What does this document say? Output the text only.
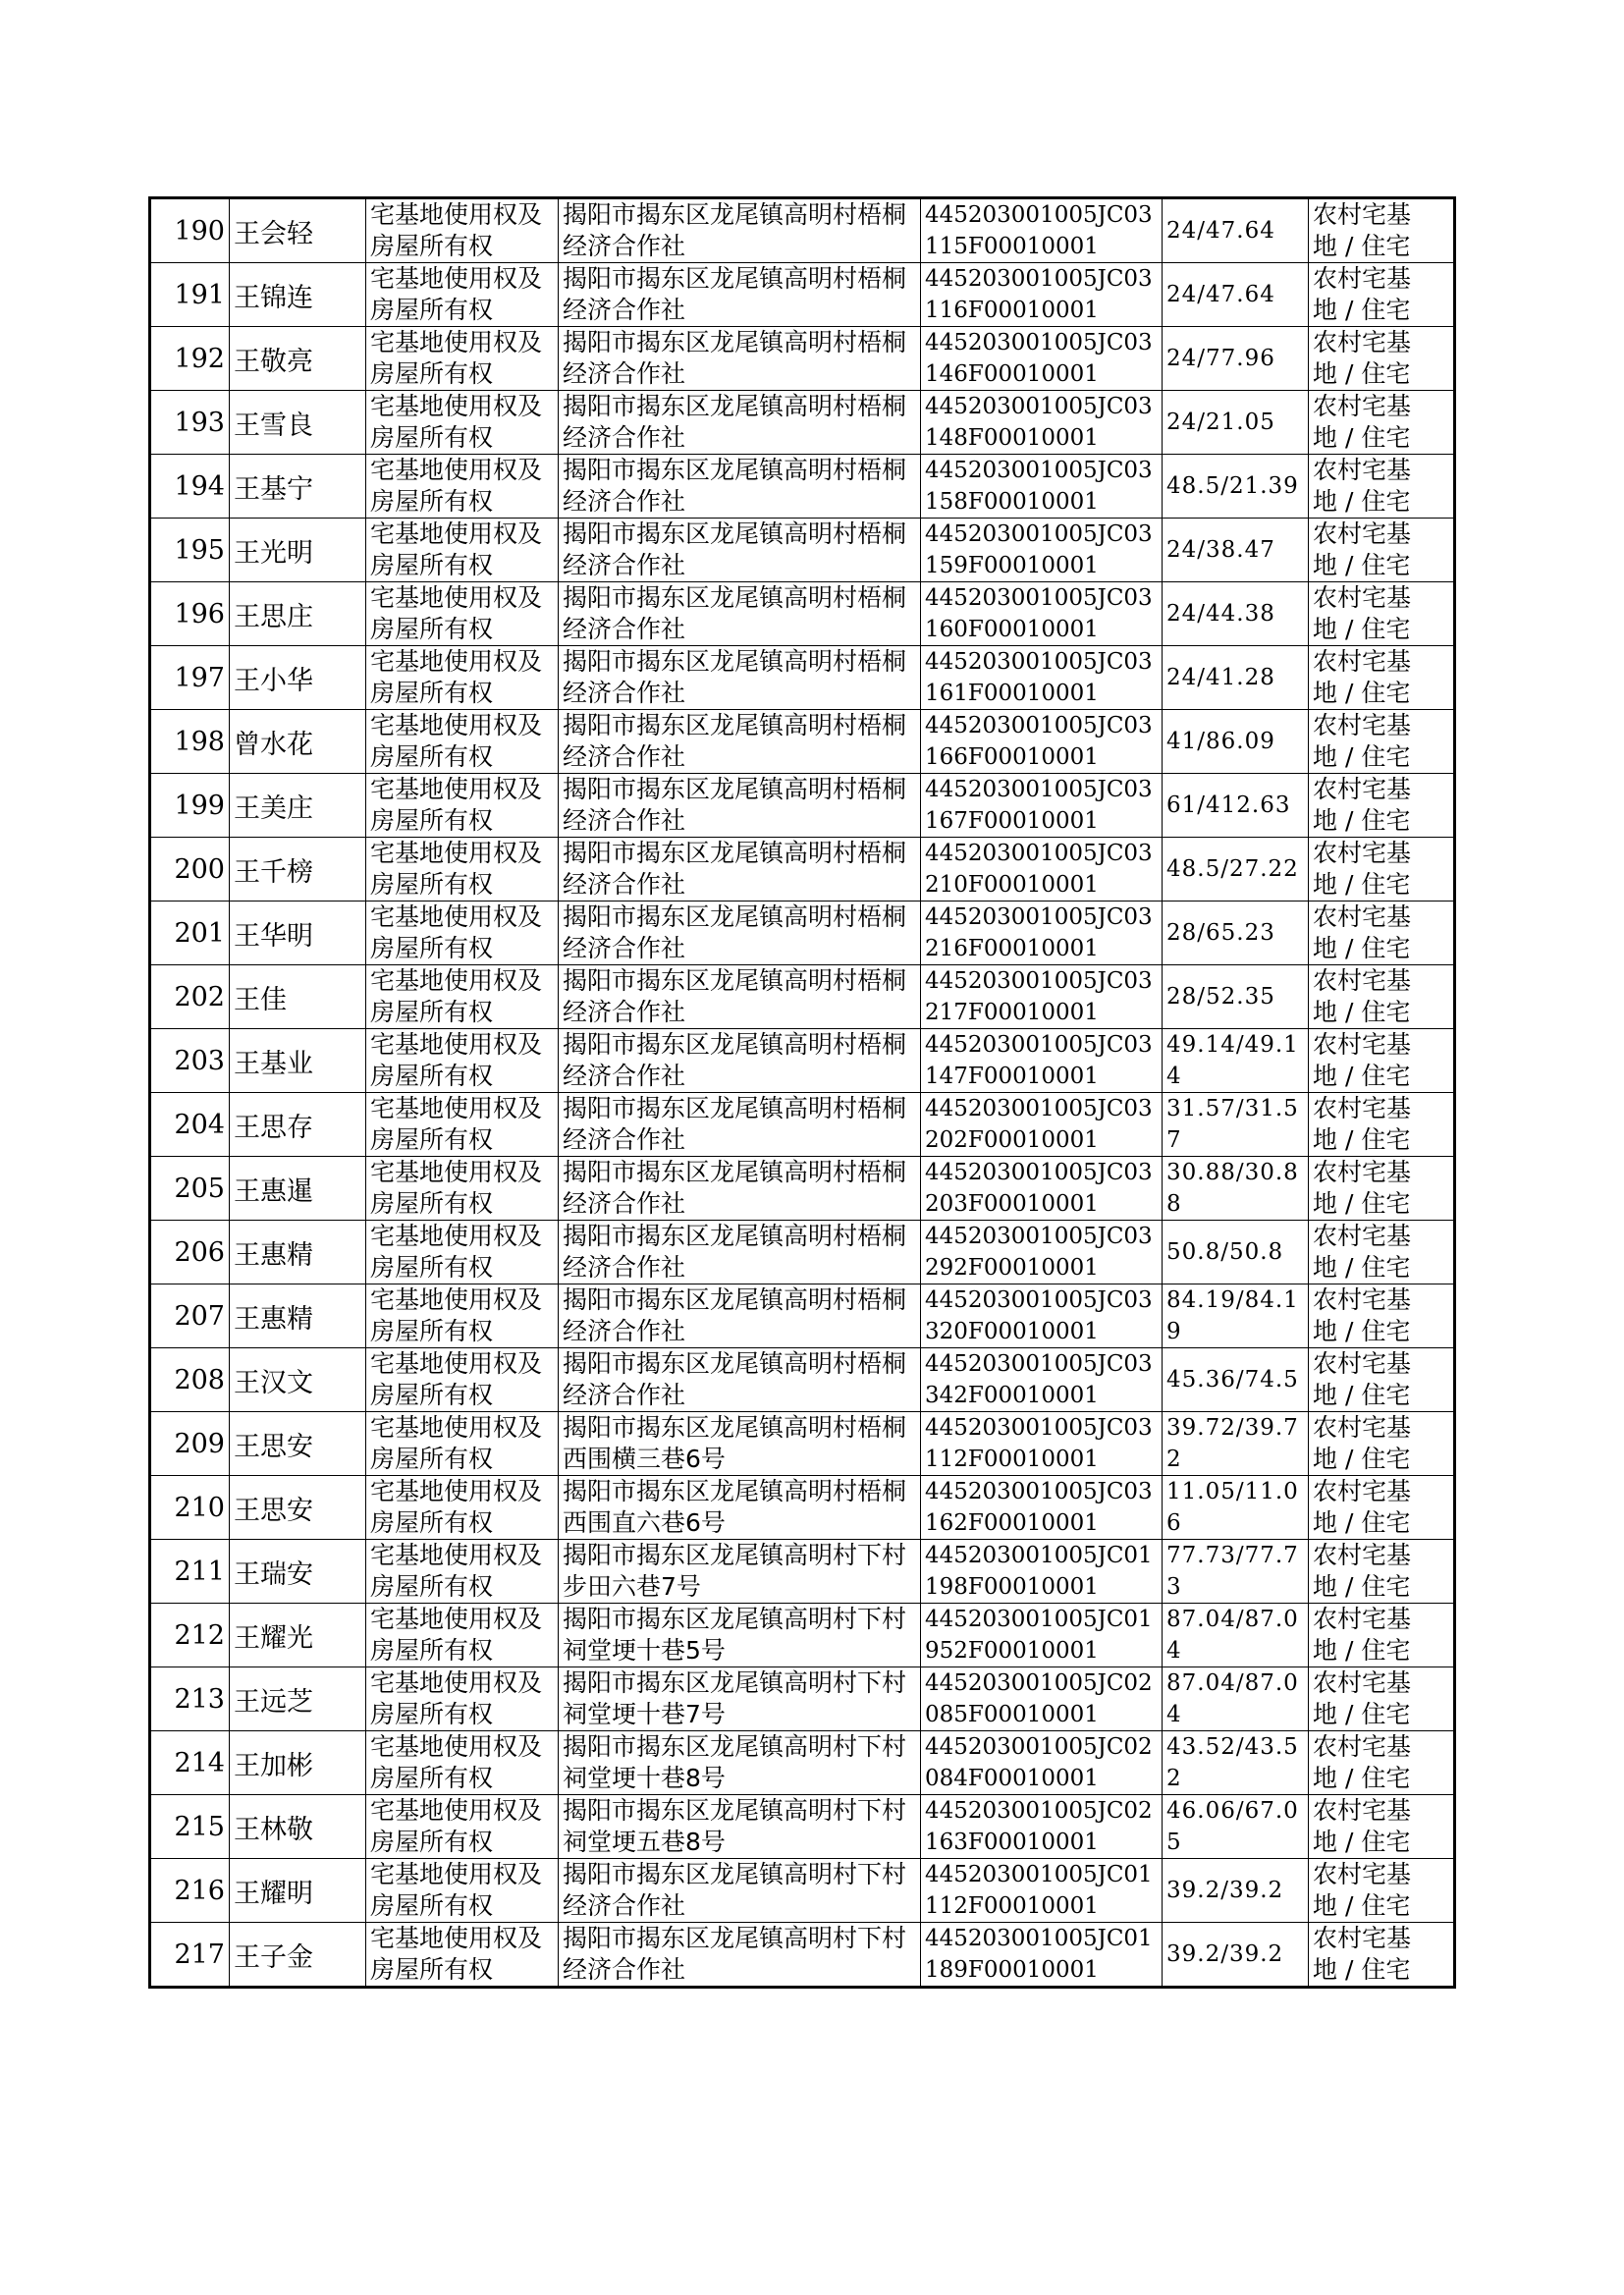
190	王会轻	宅基地使用权及房屋所有权	揭阳市揭东区龙尾镇高明村梧桐经济合作社	445203001005JC03115F00010001	24/47.64	农村宅基
地 / 住宅
191	王锦连	宅基地使用权及房屋所有权	揭阳市揭东区龙尾镇高明村梧桐经济合作社	445203001005JC03116F00010001	24/47.64	农村宅基
地 / 住宅
192	王敬亮	宅基地使用权及房屋所有权	揭阳市揭东区龙尾镇高明村梧桐经济合作社	445203001005JC03146F00010001	24/77.96	农村宅基
地 / 住宅
193	王雪良	宅基地使用权及房屋所有权	揭阳市揭东区龙尾镇高明村梧桐经济合作社	445203001005JC03148F00010001	24/21.05	农村宅基
地 / 住宅
194	王基宁	宅基地使用权及房屋所有权	揭阳市揭东区龙尾镇高明村梧桐经济合作社	445203001005JC03158F00010001	48.5/21.39	农村宅基
地 / 住宅
195	王光明	宅基地使用权及房屋所有权	揭阳市揭东区龙尾镇高明村梧桐经济合作社	445203001005JC03159F00010001	24/38.47	农村宅基
地 / 住宅
196	王思庄	宅基地使用权及房屋所有权	揭阳市揭东区龙尾镇高明村梧桐经济合作社	445203001005JC03160F00010001	24/44.38	农村宅基
地 / 住宅
197	王小华	宅基地使用权及房屋所有权	揭阳市揭东区龙尾镇高明村梧桐经济合作社	445203001005JC03161F00010001	24/41.28	农村宅基
地 / 住宅
198	曾水花	宅基地使用权及房屋所有权	揭阳市揭东区龙尾镇高明村梧桐经济合作社	445203001005JC03166F00010001	41/86.09	农村宅基
地 / 住宅
199	王美庄	宅基地使用权及房屋所有权	揭阳市揭东区龙尾镇高明村梧桐经济合作社	445203001005JC03167F00010001	61/412.63	农村宅基
地 / 住宅
200	王千榜	宅基地使用权及房屋所有权	揭阳市揭东区龙尾镇高明村梧桐经济合作社	445203001005JC03210F00010001	48.5/27.22	农村宅基
地 / 住宅
201	王华明	宅基地使用权及房屋所有权	揭阳市揭东区龙尾镇高明村梧桐经济合作社	445203001005JC03216F00010001	28/65.23	农村宅基
地 / 住宅
202	王佳	宅基地使用权及房屋所有权	揭阳市揭东区龙尾镇高明村梧桐经济合作社	445203001005JC03217F00010001	28/52.35	农村宅基
地 / 住宅
203	王基业	宅基地使用权及房屋所有权	揭阳市揭东区龙尾镇高明村梧桐经济合作社	445203001005JC03147F00010001	49.14/49.14	农村宅基
地 / 住宅
204	王思存	宅基地使用权及房屋所有权	揭阳市揭东区龙尾镇高明村梧桐经济合作社	445203001005JC03202F00010001	31.57/31.57	农村宅基
地 / 住宅
205	王惠暹	宅基地使用权及房屋所有权	揭阳市揭东区龙尾镇高明村梧桐经济合作社	445203001005JC03203F00010001	30.88/30.88	农村宅基
地 / 住宅
206	王惠精	宅基地使用权及房屋所有权	揭阳市揭东区龙尾镇高明村梧桐经济合作社	445203001005JC03292F00010001	50.8/50.8	农村宅基
地 / 住宅
207	王惠精	宅基地使用权及房屋所有权	揭阳市揭东区龙尾镇高明村梧桐经济合作社	445203001005JC03320F00010001	84.19/84.19	农村宅基
地 / 住宅
208	王汉文	宅基地使用权及房屋所有权	揭阳市揭东区龙尾镇高明村梧桐经济合作社	445203001005JC03342F00010001	45.36/74.5	农村宅基
地 / 住宅
209	王思安	宅基地使用权及房屋所有权	揭阳市揭东区龙尾镇高明村梧桐西围横三巷6号	445203001005JC03112F00010001	39.72/39.72	农村宅基
地 / 住宅
210	王思安	宅基地使用权及房屋所有权	揭阳市揭东区龙尾镇高明村梧桐西围直六巷6号	445203001005JC03162F00010001	11.05/11.06	农村宅基
地 / 住宅
211	王瑞安	宅基地使用权及房屋所有权	揭阳市揭东区龙尾镇高明村下村步田六巷7号	445203001005JC01198F00010001	77.73/77.73	农村宅基
地 / 住宅
212	王耀光	宅基地使用权及房屋所有权	揭阳市揭东区龙尾镇高明村下村祠堂埂十巷5号	445203001005JC01952F00010001	87.04/87.04	农村宅基
地 / 住宅
213	王远芝	宅基地使用权及房屋所有权	揭阳市揭东区龙尾镇高明村下村祠堂埂十巷7号	445203001005JC02085F00010001	87.04/87.04	农村宅基
地 / 住宅
214	王加彬	宅基地使用权及房屋所有权	揭阳市揭东区龙尾镇高明村下村祠堂埂十巷8号	445203001005JC02084F00010001	43.52/43.52	农村宅基
地 / 住宅
215	王林敬	宅基地使用权及房屋所有权	揭阳市揭东区龙尾镇高明村下村祠堂埂五巷8号	445203001005JC02163F00010001	46.06/67.05	农村宅基
地 / 住宅
216	王耀明	宅基地使用权及房屋所有权	揭阳市揭东区龙尾镇高明村下村经济合作社	445203001005JC01112F00010001	39.2/39.2	农村宅基
地 / 住宅
217	王子金	宅基地使用权及房屋所有权	揭阳市揭东区龙尾镇高明村下村经济合作社	445203001005JC01189F00010001	39.2/39.2	农村宅基
地 / 住宅
